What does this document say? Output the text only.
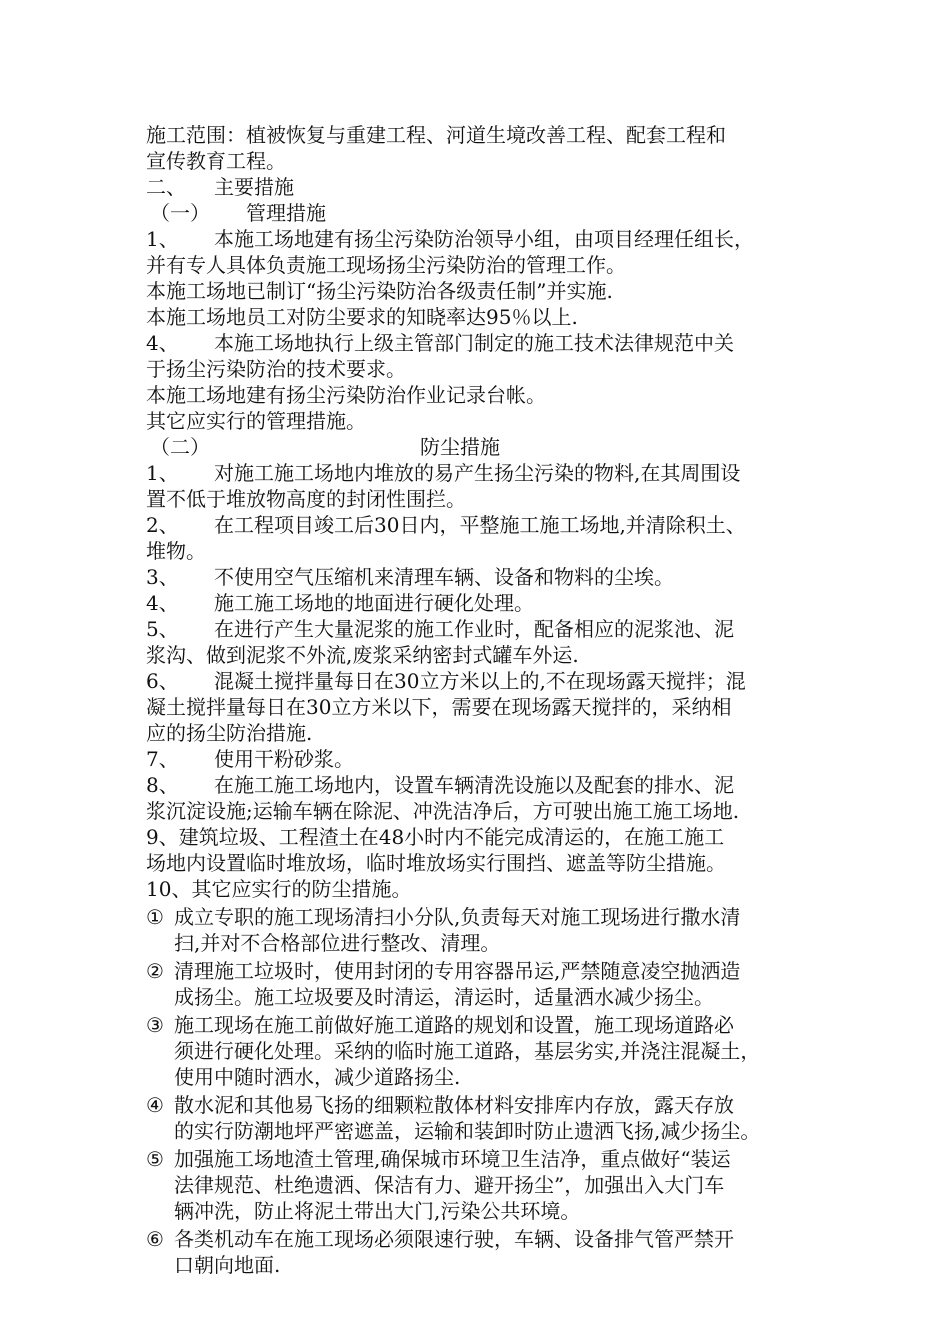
施工范围：植被恢复与重建工程、河道生境改善工程、配套工程和

宣传教育工程。

二、 主要措施

（一） 管理措施

1、 本施工场地建有扬尘污染防治领导小组，由项目经理任组长，

并有专人具体负责施工现场扬尘污染防治的管理工作。

本施工场地已制订“扬尘污染防治各级责任制”并实施.

本施工场地员工对防尘要求的知晓率达95％以上.

4、 本施工场地执行上级主管部门制定的施工技术法律规范中关

于扬尘污染防治的技术要求。

本施工场地建有扬尘污染防治作业记录台帐。

其它应实行的管理措施。

（二）	防尘措施

1、 对施工施工场地内堆放的易产生扬尘污染的物料,在其周围设

置不低于堆放物高度的封闭性围拦。

2、 在工程项目竣工后30日内，平整施工施工场地,并清除积土、

堆物。

3、 不使用空气压缩机来清理车辆、设备和物料的尘埃。

4、 施工施工场地的地面进行硬化处理。

5、 在进行产生大量泥浆的施工作业时，配备相应的泥浆池、泥

浆沟、做到泥浆不外流,废浆采纳密封式罐车外运.

6、 混凝土搅拌量每日在30立方米以上的,不在现场露天搅拌；混

凝土搅拌量每日在30立方米以下，需要在现场露天搅拌的，采纳相

应的扬尘防治措施.

7、 使用干粉砂浆。

8、 在施工施工场地内，设置车辆清洗设施以及配套的排水、泥

浆沉淀设施;运输车辆在除泥、冲洗洁净后，方可驶出施工施工场地.

9、建筑垃圾、工程渣土在48小时内不能完成清运的，在施工施工

场地内设置临时堆放场，临时堆放场实行围挡、遮盖等防尘措施。

10、其它应实行的防尘措施。

① 成立专职的施工现场清扫小分队,负责每天对施工现场进行撒水清
扫,并对不合格部位进行整改、清理。
② 清理施工垃圾时，使用封闭的专用容器吊运,严禁随意凌空抛洒造
成扬尘。施工垃圾要及时清运，清运时，适量洒水减少扬尘。
③ 施工现场在施工前做好施工道路的规划和设置，施工现场道路必
须进行硬化处理。采纳的临时施工道路，基层劣实,并浇注混凝土，
使用中随时洒水，减少道路扬尘.
④ 散水泥和其他易飞扬的细颗粒散体材料安排库内存放，露天存放
的实行防潮地坪严密遮盖，运输和装卸时防止遗洒飞扬,减少扬尘。
⑤ 加强施工场地渣土管理,确保城市环境卫生洁净，重点做好“装运
法律规范、杜绝遗洒、保洁有力、避开扬尘”，加强出入大门车
辆冲洗，防止将泥土带出大门,污染公共环境。
⑥ 各类机动车在施工现场必须限速行驶，车辆、设备排气管严禁开
口朝向地面.
